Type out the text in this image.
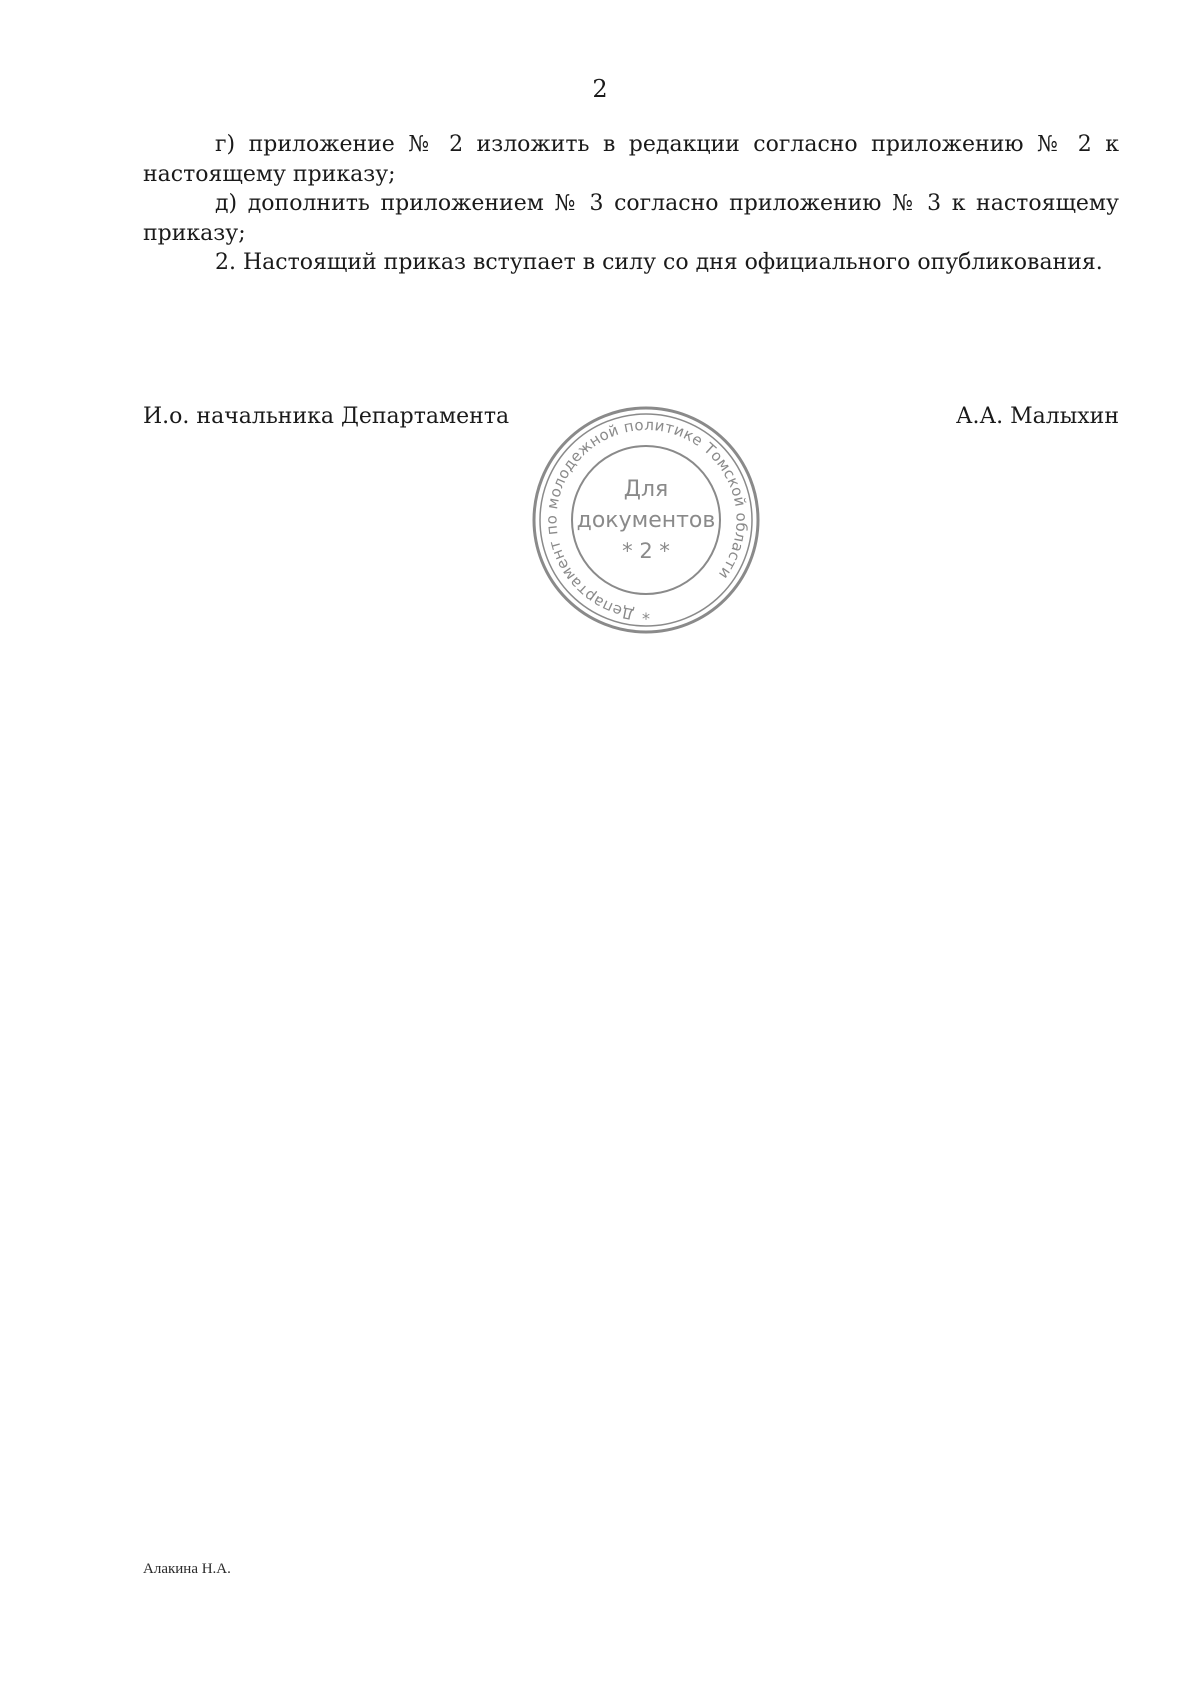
2

г) приложение № 2 изложить в редакции согласно приложению № 2 к настоящему приказу;

д) дополнить приложением № 3 согласно приложению № 3 к настоящему приказу;

2. Настоящий приказ вступает в силу со дня официального опубликования.

И.о. начальника Департамента	А.А. Малыхин
Департамент по молодежной политике Томской области
Для
документов
* 2 *
*
Алакина Н.А.
